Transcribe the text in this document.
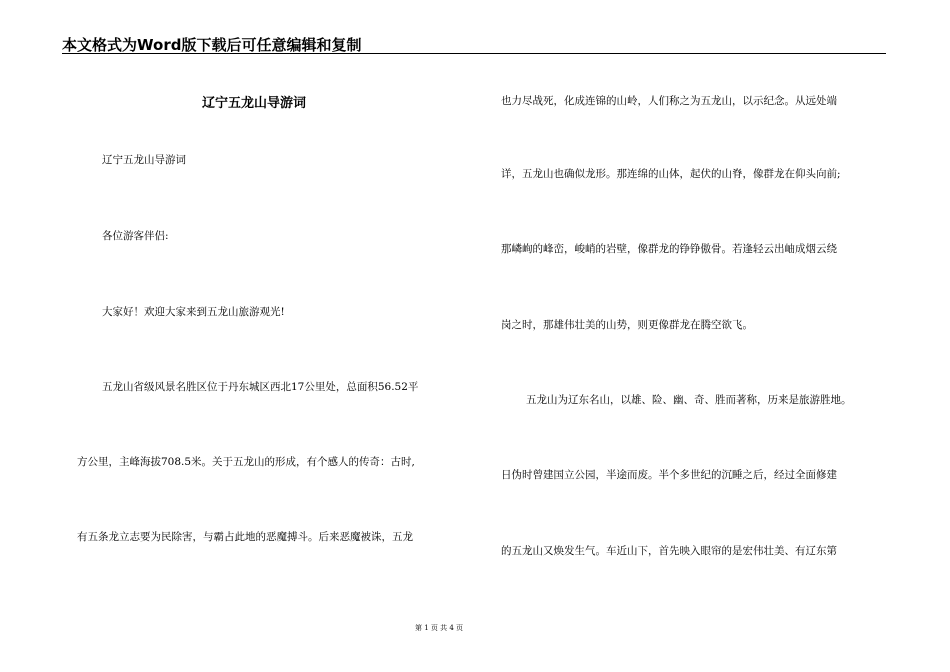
本文格式为Word版下载后可任意编辑和复制
辽宁五龙山导游词
辽宁五龙山导游词
各位游客伴侣:
大家好！欢迎大家来到五龙山旅游观光!
五龙山省级风景名胜区位于丹东城区西北17公里处，总面积56.52平
方公里，主峰海拔708.5米。关于五龙山的形成，有个感人的传奇：古时,
有五条龙立志要为民除害，与霸占此地的恶魔搏斗。后来恶魔被诛，五龙
也力尽战死，化成连锦的山岭，人们称之为五龙山，以示纪念。从远处端
详，五龙山也确似龙形。那连绵的山体，起伏的山脊，像群龙在仰头向前;
那嶙峋的峰峦，峻峭的岩壁，像群龙的铮铮傲骨。若逢轻云出岫成烟云绕
岗之时，那雄伟壮美的山势，则更像群龙在腾空欲飞。
五龙山为辽东名山，以雄、险、幽、奇、胜而著称，历来是旅游胜地。
日伪时曾建国立公园，半途而废。半个多世纪的沉睡之后，经过全面修建
的五龙山又焕发生气。车近山下，首先映入眼帘的是宏伟壮美、有辽东第
第 1 页 共 4 页
